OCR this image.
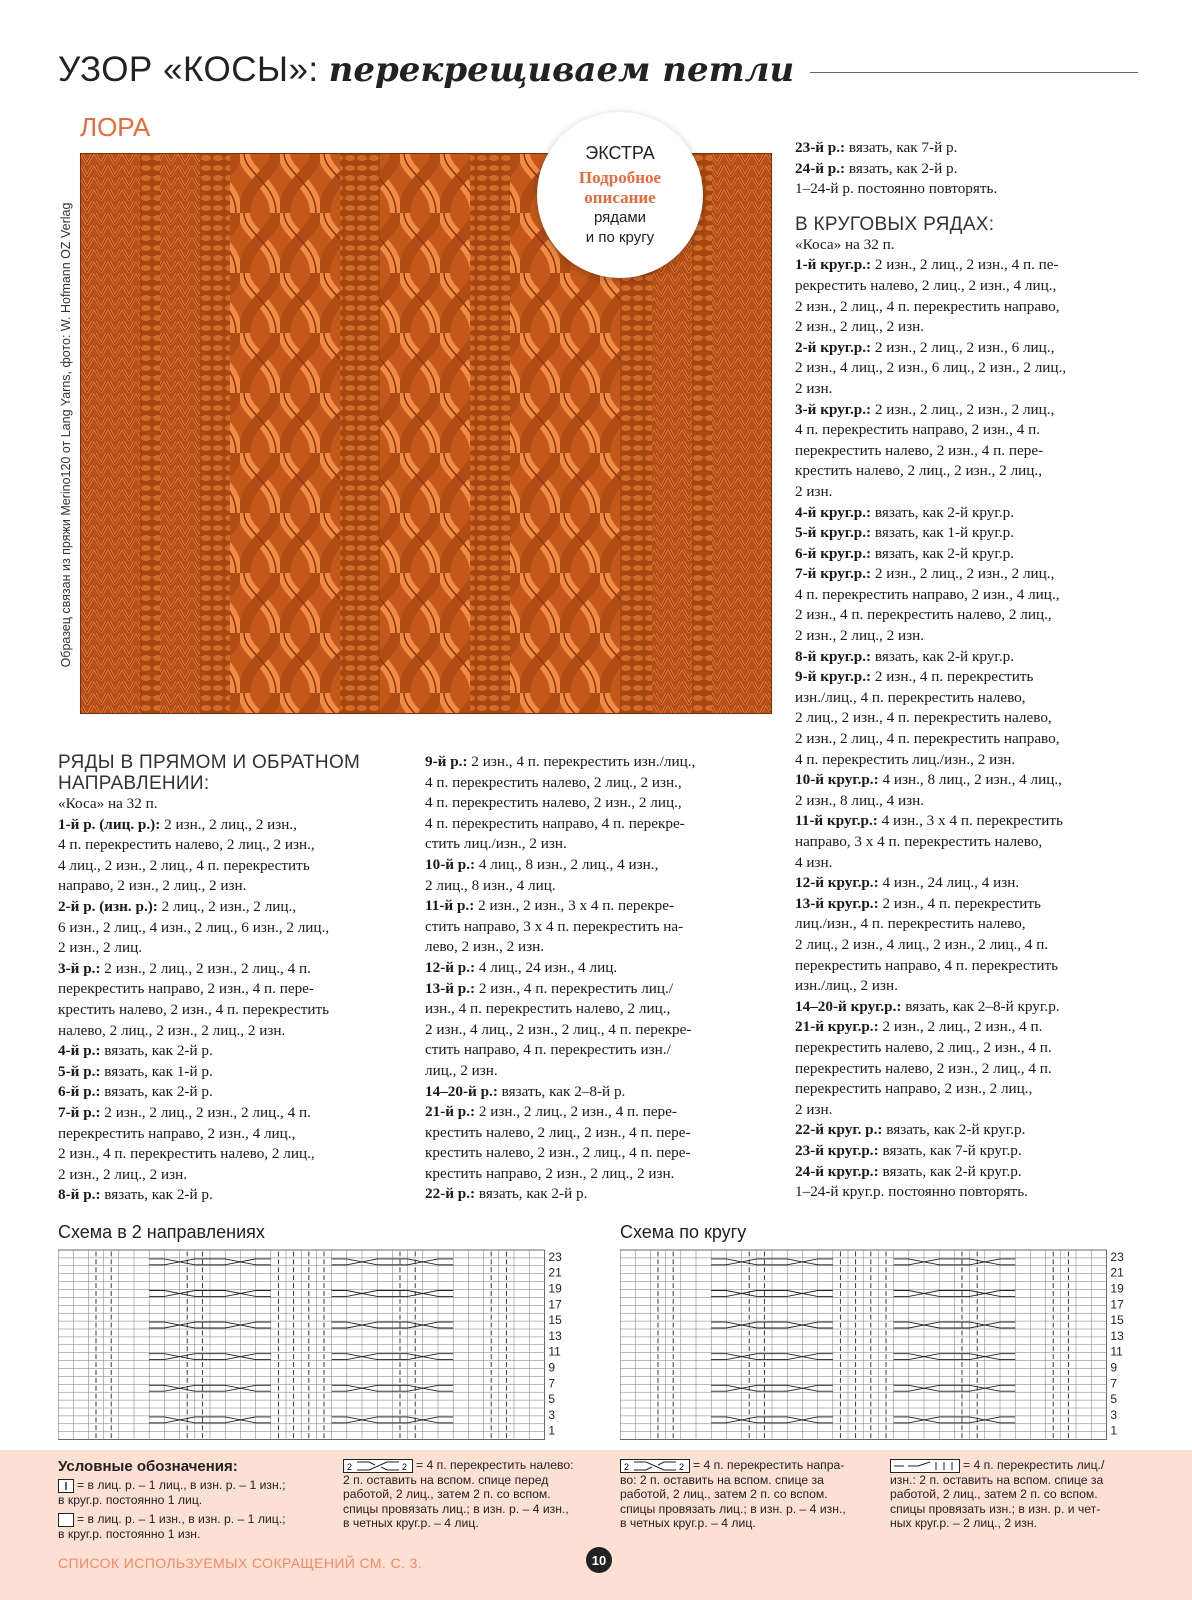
УЗОР «КОСЫ»: перекрещиваем петли
ЛОРА
Образец связан из пряжи Merino120 от Lang Yarns, фото: W. Hofmann OZ Verlag
ЭКСТРА
Подробное
описание
рядами
и по кругу
РЯДЫ В ПРЯМОМ И ОБРАТНОМ
НАПРАВЛЕНИИ:

«Коса» на 32 п.

1-й р. (лиц. р.): 2 изн., 2 лиц., 2 изн.,

4 п. перекрестить налево, 2 лиц., 2 изн.,

4 лиц., 2 изн., 2 лиц., 4 п. перекрестить

направо, 2 изн., 2 лиц., 2 изн.

2-й р. (изн. р.): 2 лиц., 2 изн., 2 лиц.,

6 изн., 2 лиц., 4 изн., 2 лиц., 6 изн., 2 лиц.,

2 изн., 2 лиц.

3-й р.: 2 изн., 2 лиц., 2 изн., 2 лиц., 4 п.

перекрестить направо, 2 изн., 4 п. пере-

крестить налево, 2 изн., 4 п. перекрестить

налево, 2 лиц., 2 изн., 2 лиц., 2 изн.

4-й р.: вязать, как 2-й р.

5-й р.: вязать, как 1-й р.

6-й р.: вязать, как 2-й р.

7-й р.: 2 изн., 2 лиц., 2 изн., 2 лиц., 4 п.

перекрестить направо, 2 изн., 4 лиц.,

2 изн., 4 п. перекрестить налево, 2 лиц.,

2 изн., 2 лиц., 2 изн.

8-й р.: вязать, как 2-й р.

9-й р.: 2 изн., 4 п. перекрестить изн./лиц.,

4 п. перекрестить налево, 2 лиц., 2 изн.,

4 п. перекрестить налево, 2 изн., 2 лиц.,

4 п. перекрестить направо, 4 п. перекре-

стить лиц./изн., 2 изн.

10-й р.: 4 лиц., 8 изн., 2 лиц., 4 изн.,

2 лиц., 8 изн., 4 лиц.

11-й р.: 2 изн., 2 изн., 3 х 4 п. перекре-

стить направо, 3 х 4 п. перекрестить на-

лево, 2 изн., 2 изн.

12-й р.: 4 лиц., 24 изн., 4 лиц.

13-й р.: 2 изн., 4 п. перекрестить лиц./

изн., 4 п. перекрестить налево, 2 лиц.,

2 изн., 4 лиц., 2 изн., 2 лиц., 4 п. перекре-

стить направо, 4 п. перекрестить изн./

лиц., 2 изн.

14–20-й р.: вязать, как 2–8-й р.

21-й р.: 2 изн., 2 лиц., 2 изн., 4 п. пере-

крестить налево, 2 лиц., 2 изн., 4 п. пере-

крестить налево, 2 изн., 2 лиц., 4 п. пере-

крестить направо, 2 изн., 2 лиц., 2 изн.

22-й р.: вязать, как 2-й р.

23-й р.: вязать, как 7-й р.

24-й р.: вязать, как 2-й р.

1–24-й р. постоянно повторять.

В КРУГОВЫХ РЯДАХ:

«Коса» на 32 п.

1-й круг.р.: 2 изн., 2 лиц., 2 изн., 4 п. пе-

рекрестить налево, 2 лиц., 2 изн., 4 лиц.,

2 изн., 2 лиц., 4 п. перекрестить направо,

2 изн., 2 лиц., 2 изн.

2-й круг.р.: 2 изн., 2 лиц., 2 изн., 6 лиц.,

2 изн., 4 лиц., 2 изн., 6 лиц., 2 изн., 2 лиц.,

2 изн.

3-й круг.р.: 2 изн., 2 лиц., 2 изн., 2 лиц.,

4 п. перекрестить направо, 2 изн., 4 п.

перекрестить налево, 2 изн., 4 п. пере-

крестить налево, 2 лиц., 2 изн., 2 лиц.,

2 изн.

4-й круг.р.: вязать, как 2-й круг.р.

5-й круг.р.: вязать, как 1-й круг.р.

6-й круг.р.: вязать, как 2-й круг.р.

7-й круг.р.: 2 изн., 2 лиц., 2 изн., 2 лиц.,

4 п. перекрестить направо, 2 изн., 4 лиц.,

2 изн., 4 п. перекрестить налево, 2 лиц.,

2 изн., 2 лиц., 2 изн.

8-й круг.р.: вязать, как 2-й круг.р.

9-й круг.р.: 2 изн., 4 п. перекрестить

изн./лиц., 4 п. перекрестить налево,

2 лиц., 2 изн., 4 п. перекрестить налево,

2 изн., 2 лиц., 4 п. перекрестить направо,

4 п. перекрестить лиц./изн., 2 изн.

10-й круг.р.: 4 изн., 8 лиц., 2 изн., 4 лиц.,

2 изн., 8 лиц., 4 изн.

11-й круг.р.: 4 изн., 3 х 4 п. перекрестить

направо, 3 х 4 п. перекрестить налево,

4 изн.

12-й круг.р.: 4 изн., 24 лиц., 4 изн.

13-й круг.р.: 2 изн., 4 п. перекрестить

лиц./изн., 4 п. перекрестить налево,

2 лиц., 2 изн., 4 лиц., 2 изн., 2 лиц., 4 п.

перекрестить направо, 4 п. перекрестить

изн./лиц., 2 изн.

14–20-й круг.р.: вязать, как 2–8-й круг.р.

21-й круг.р.: 2 изн., 2 лиц., 2 изн., 4 п.

перекрестить налево, 2 лиц., 2 изн., 4 п.

перекрестить налево, 2 изн., 2 лиц., 4 п.

перекрестить направо, 2 изн., 2 лиц.,

2 изн.

22-й круг. р.: вязать, как 2-й круг.р.

23-й круг.р.: вязать, как 7-й круг.р.

24-й круг.р.: вязать, как 2-й круг.р.

1–24-й круг.р. постоянно повторять.

Схема в 2 направлениях	Схема по кругу
23
21
19
17
15
13
11
9
7
5
3
1
23
21
19
17
15
13
11
9
7
5
3
1
Условные обозначения:
= в лиц. р. – 1 лиц., в изн. р. – 1 изн.;
в круг.р. постоянно 1 лиц.
= в лиц. р. – 1 изн., в изн. р. – 1 лиц.;
в круг.р. постоянно 1 изн.
2	2 = 4 п. перекрестить налево:
2 п. оставить на вспом. спице перед
работой, 2 лиц., затем 2 п. со вспом.
спицы провязать лиц.; в изн. р. – 4 изн.,
в четных круг.р. – 4 лиц.
2	2 = 4 п. перекрестить напра-
во: 2 п. оставить на вспом. спице за
работой, 2 лиц., затем 2 п. со вспом.
спицы провязать лиц.; в изн. р. – 4 изн.,
в четных круг.р. – 4 лиц.
= 4 п. перекрестить лиц./
изн.: 2 п. оставить на вспом. спице за
работой, 2 лиц., затем 2 п. со вспом.
спицы провязать изн.; в изн. р. и чет-
ных круг.р. – 2 лиц., 2 изн.
СПИСОК ИСПОЛЬЗУЕМЫХ СОКРАЩЕНИЙ СМ. С. 3.	10
